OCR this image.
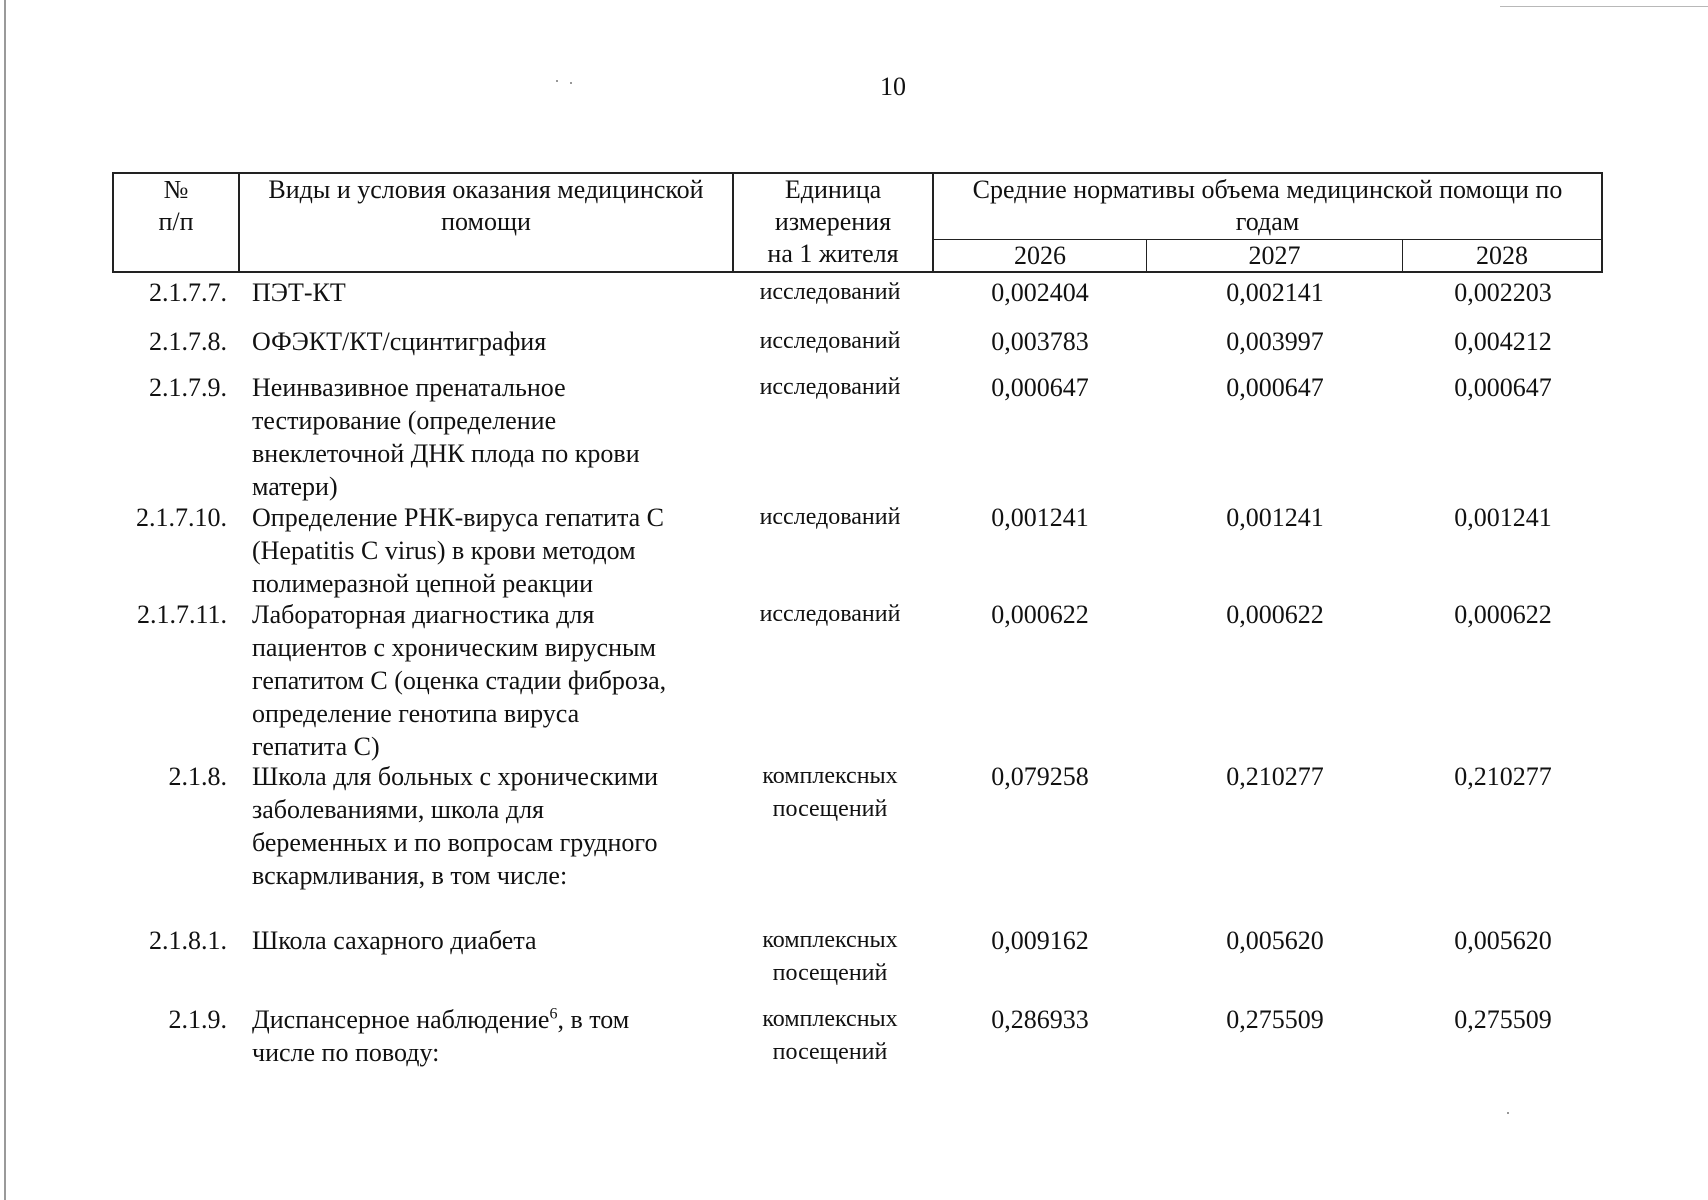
10
№
п/п
Виды и условия оказания медицинской
помощи
Единица
измерения
на 1 жителя
Средние нормативы объема медицинской помощи по
годам
2026	2027	2028
2.1.7.7. ПЭТ-КТ	исследований	0,002404	0,002141	0,002203
2.1.7.8. ОФЭКТ/КТ/сцинтиграфия	исследований	0,003783	0,003997	0,004212
2.1.7.9. Неинвазивное пренатальное
тестирование (определение
внеклеточной ДНК плода по крови
матери)
исследований	0,000647	0,000647	0,000647
2.1.7.10. Определение РНК-вируса гепатита С
(Hepatitis С virus) в крови методом
полимеразной цепной реакции
исследований	0,001241	0,001241	0,001241
2.1.7.11. Лабораторная диагностика для
пациентов с хроническим вирусным
гепатитом С (оценка стадии фиброза,
определение генотипа вируса
гепатита С)
исследований	0,000622	0,000622	0,000622
2.1.8. Школа для больных с хроническими
заболеваниями, школа для
беременных и по вопросам грудного
вскармливания, в том числе:
комплексных
посещений
0,079258	0,210277	0,210277
2.1.8.1. Школа сахарного диабета	комплексных
посещений
0,009162	0,005620	0,005620
2.1.9. Диспансерное наблюдение$^6$, в том
числе по поводу:
комплексных
посещений
0,286933	0,275509	0,275509
